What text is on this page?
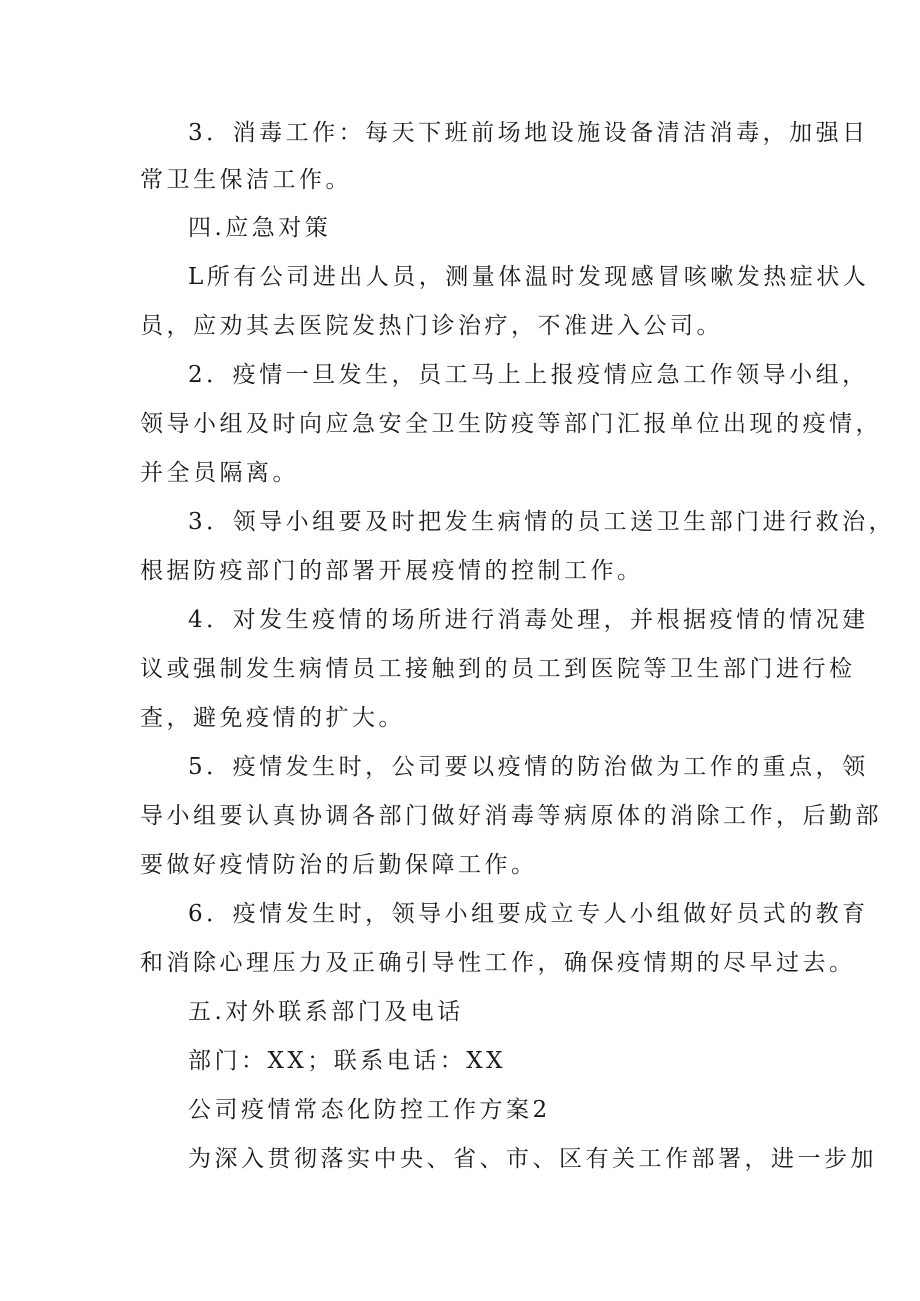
3．消毒工作：每天下班前场地设施设备清洁消毒，加强日
常卫生保洁工作。
四.应急对策
L所有公司进出人员，测量体温时发现感冒咳嗽发热症状人
员，应劝其去医院发热门诊治疗，不准进入公司。
2．疫情一旦发生，员工马上上报疫情应急工作领导小组，
领导小组及时向应急安全卫生防疫等部门汇报单位出现的疫情，
并全员隔离。
3．领导小组要及时把发生病情的员工送卫生部门进行救治，
根据防疫部门的部署开展疫情的控制工作。
4．对发生疫情的场所进行消毒处理，并根据疫情的情况建
议或强制发生病情员工接触到的员工到医院等卫生部门进行检
查，避免疫情的扩大。
5．疫情发生时，公司要以疫情的防治做为工作的重点，领
导小组要认真协调各部门做好消毒等病原体的消除工作，后勤部
要做好疫情防治的后勤保障工作。
6．疫情发生时，领导小组要成立专人小组做好员式的教育
和消除心理压力及正确引导性工作，确保疫情期的尽早过去。
五.对外联系部门及电话
部门：XX；联系电话：XX
公司疫情常态化防控工作方案2
为深入贯彻落实中央、省、市、区有关工作部署，进一步加
